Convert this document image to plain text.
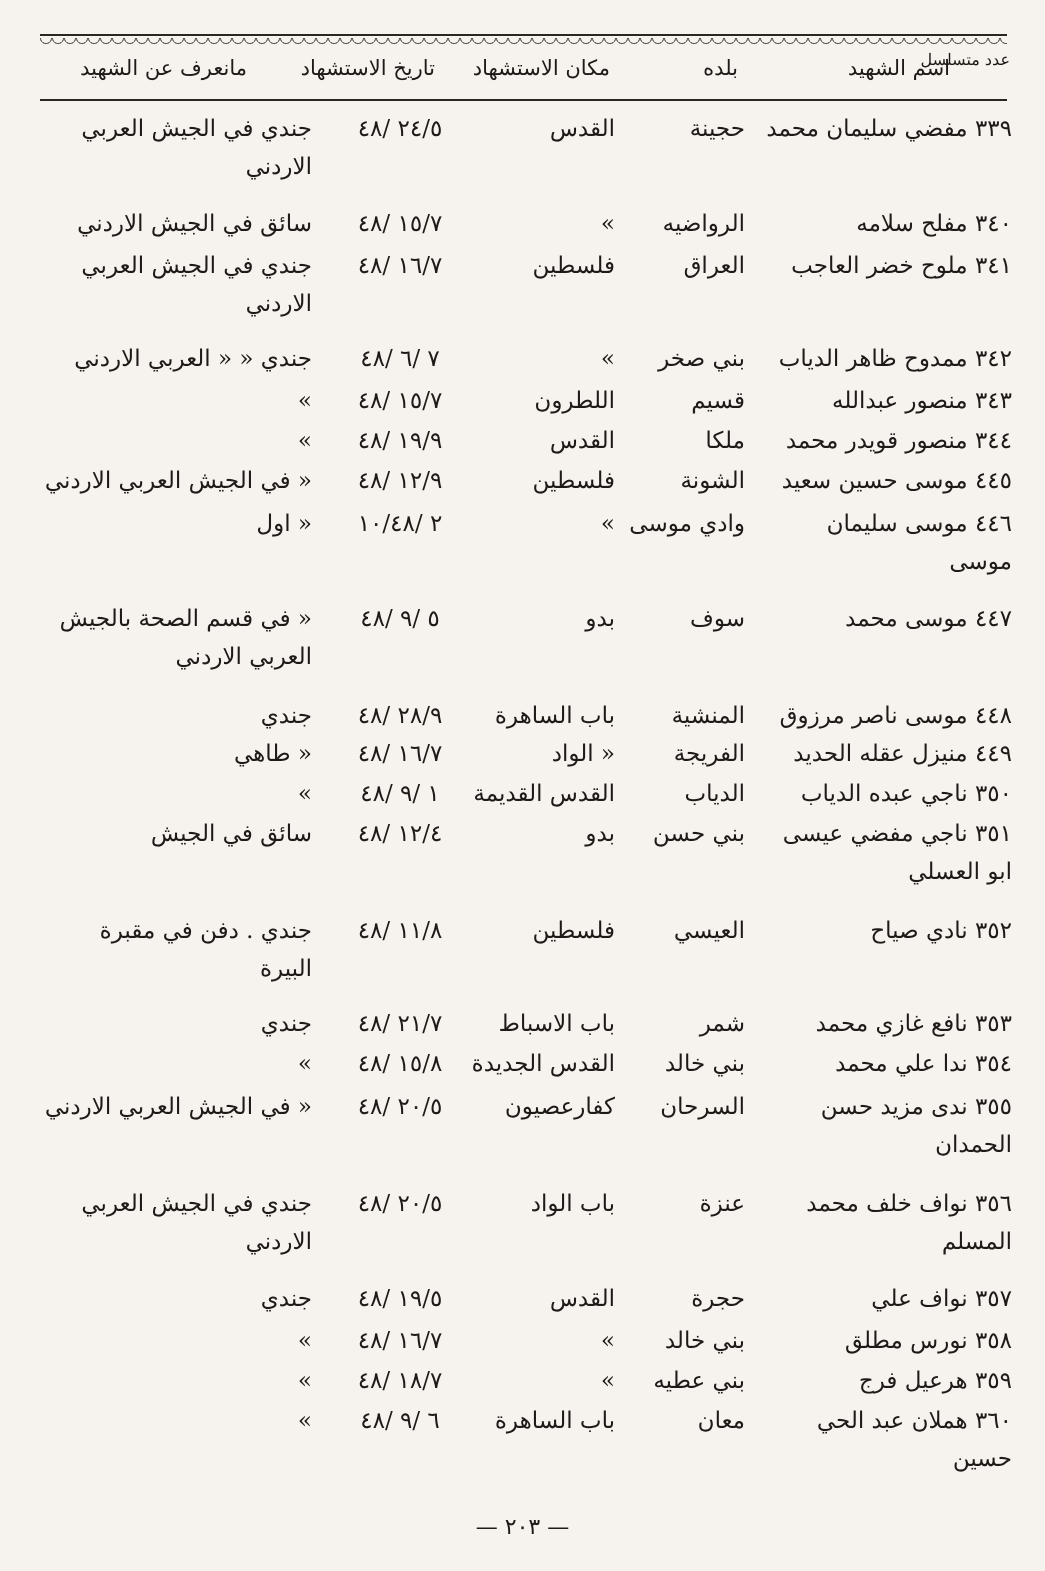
عدد متسلسل
اسم الشهيد
بلده
مكان الاستشهاد
تاريخ الاستشهاد
مانعرف عن الشهيد
٣٣٩ مفضي سليمان محمد
حجينة
القدس
٢٤/٥ /٤٨
جندي في الجيش العربي الاردني
٣٤٠ مفلح سلامه
الرواضيه
»
١٥/٧ /٤٨
سائق في الجيش الاردني
٣٤١ ملوح خضر العاجب
العراق
فلسطين
١٦/٧ /٤٨
جندي في الجيش العربي الاردني
٣٤٢ ممدوح ظاهر الدياب
بني صخر
»
٧ /٦ /٤٨
جندي « « العربي الاردني
٣٤٣ منصور عبدالله
قسيم
اللطرون
١٥/٧ /٤٨
»
٣٤٤ منصور قويدر محمد
ملكا
القدس
١٩/٩ /٤٨
»
٤٤٥ موسى حسين سعيد
الشونة
فلسطين
١٢/٩ /٤٨
« في الجيش العربي الاردني
٤٤٦ موسى سليمان موسى
وادي موسى
»
٢ /١٠/٤٨
« اول
٤٤٧ موسى محمد
سوف
بدو
٥ /٩ /٤٨
« في قسم الصحة بالجيش العربي الاردني
٤٤٨ موسى ناصر مرزوق
المنشية
باب الساهرة
٢٨/٩ /٤٨
جندي
٤٤٩ منيزل عقله الحديد
الفريجة
« الواد
١٦/٧ /٤٨
« طاهي
٣٥٠ ناجي عبده الدياب
الدياب
القدس القديمة
١ /٩ /٤٨
»
٣٥١ ناجي مفضي عيسى ابو العسلي
بني حسن
بدو
١٢/٤ /٤٨
سائق في الجيش
٣٥٢ نادي صياح
العيسي
فلسطين
١١/٨ /٤٨
جندي . دفن في مقبرة البيرة
٣٥٣ نافع غازي محمد
شمر
باب الاسباط
٢١/٧ /٤٨
جندي
٣٥٤ ندا علي محمد
بني خالد
القدس الجديدة
١٥/٨ /٤٨
»
٣٥٥ ندى مزيد حسن الحمدان
السرحان
كفارعصيون
٢٠/٥ /٤٨
« في الجيش العربي الاردني
٣٥٦ نواف خلف محمد المسلم
عنزة
باب الواد
٢٠/٥ /٤٨
جندي في الجيش العربي الاردني
٣٥٧ نواف علي
حجرة
القدس
١٩/٥ /٤٨
جندي
٣٥٨ نورس مطلق
بني خالد
»
١٦/٧ /٤٨
»
٣٥٩ هرعيل فرج
بني عطيه
»
١٨/٧ /٤٨
»
٣٦٠ هملان عبد الحي حسين
معان
باب الساهرة
٦ /٩ /٤٨
»
— ٢٠٣ —
